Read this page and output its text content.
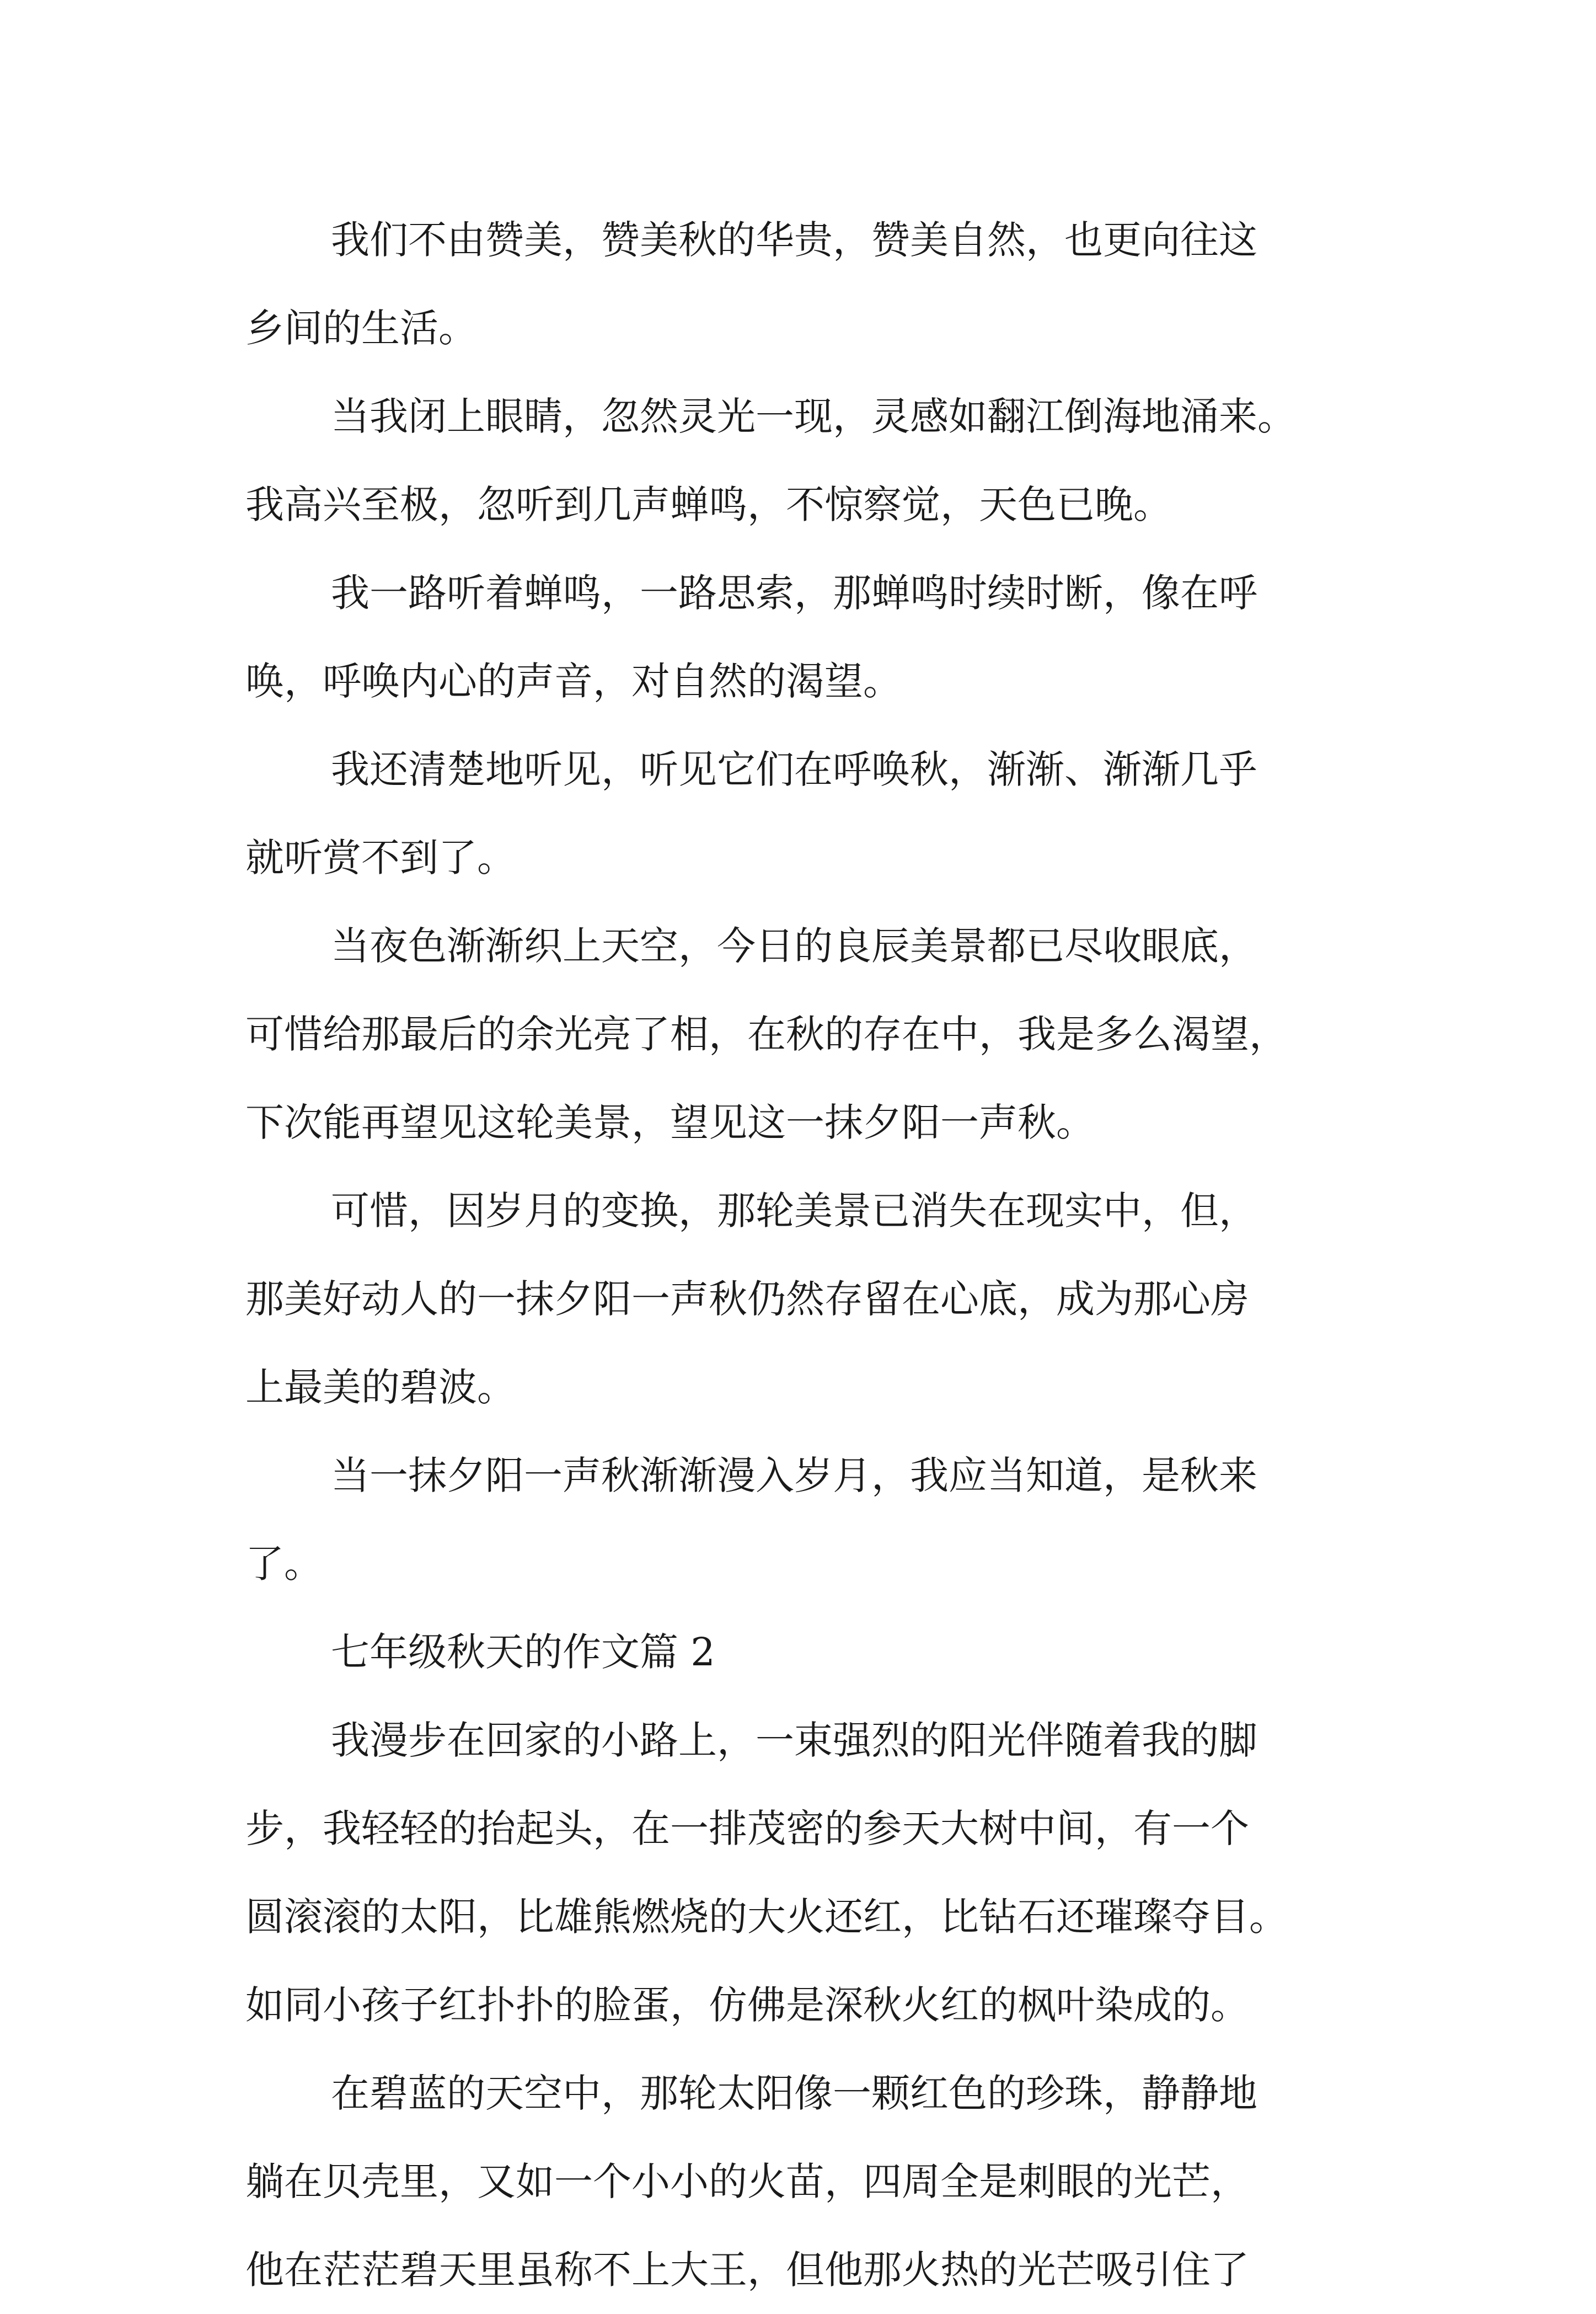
我们不由赞美，赞美秋的华贵，赞美自然，也更向往这
乡间的生活。
当我闭上眼睛，忽然灵光一现，灵感如翻江倒海地涌来。
我高兴至极，忽听到几声蝉鸣，不惊察觉，天色已晚。
我一路听着蝉鸣，一路思索，那蝉鸣时续时断，像在呼
唤，呼唤内心的声音，对自然的渴望。
我还清楚地听见，听见它们在呼唤秋，渐渐、渐渐几乎
就听赏不到了。
当夜色渐渐织上天空，今日的良辰美景都已尽收眼底，
可惜给那最后的余光亮了相，在秋的存在中，我是多么渴望，
下次能再望见这轮美景，望见这一抹夕阳一声秋。
可惜，因岁月的变换，那轮美景已消失在现实中，但，
那美好动人的一抹夕阳一声秋仍然存留在心底，成为那心房
上最美的碧波。
当一抹夕阳一声秋渐渐漫入岁月，我应当知道，是秋来
了。
七年级秋天的作文篇 2
我漫步在回家的小路上，一束强烈的阳光伴随着我的脚
步，我轻轻的抬起头，在一排茂密的参天大树中间，有一个
圆滚滚的太阳，比雄熊燃烧的大火还红，比钻石还璀璨夺目。
如同小孩子红扑扑的脸蛋，仿佛是深秋火红的枫叶染成的。
在碧蓝的天空中，那轮太阳像一颗红色的珍珠，静静地
躺在贝壳里，又如一个小小的火苗，四周全是刺眼的光芒，
他在茫茫碧天里虽称不上大王，但他那火热的光芒吸引住了
